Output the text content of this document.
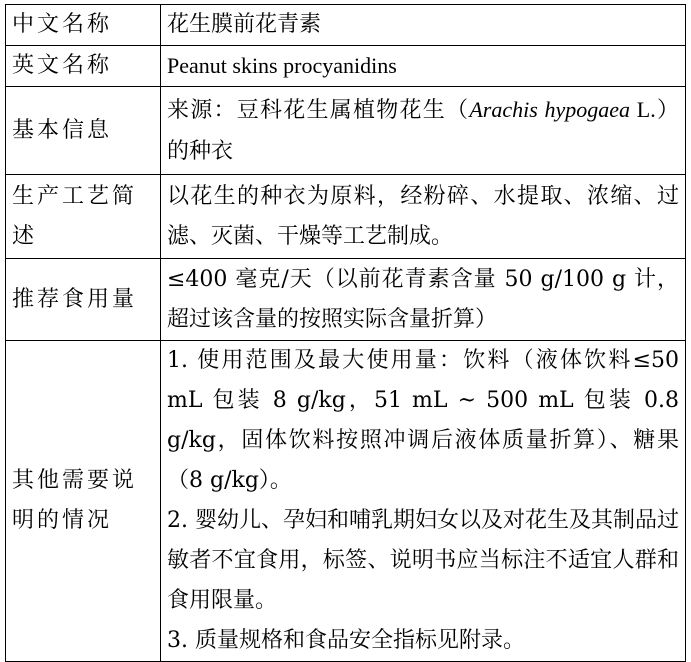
中文名称	花生膜前花青素
英文名称	Peanut skins procyanidins
基本信息	来源：豆科花生属植物花生（Arachis hypogaea L.）的种衣
生产工艺简述	以花生的种衣为原料，经粉碎、水提取、浓缩、过滤、灭菌、干燥等工艺制成。
推荐食用量	≤400 毫克/天（以前花青素含量 50 g/100 g 计，超过该含量的按照实际含量折算）
其他需要说明的情况	1. 使用范围及最大使用量：饮料（液体饮料≤50 mL 包装 8 g/kg，51 mL ~ 500 mL 包装 0.8 g/kg，固体饮料按照冲调后液体质量折算）、糖果（8 g/kg）。
2. 婴幼儿、孕妇和哺乳期妇女以及对花生及其制品过敏者不宜食用，标签、说明书应当标注不适宜人群和食用限量。
3. 质量规格和食品安全指标见附录。
